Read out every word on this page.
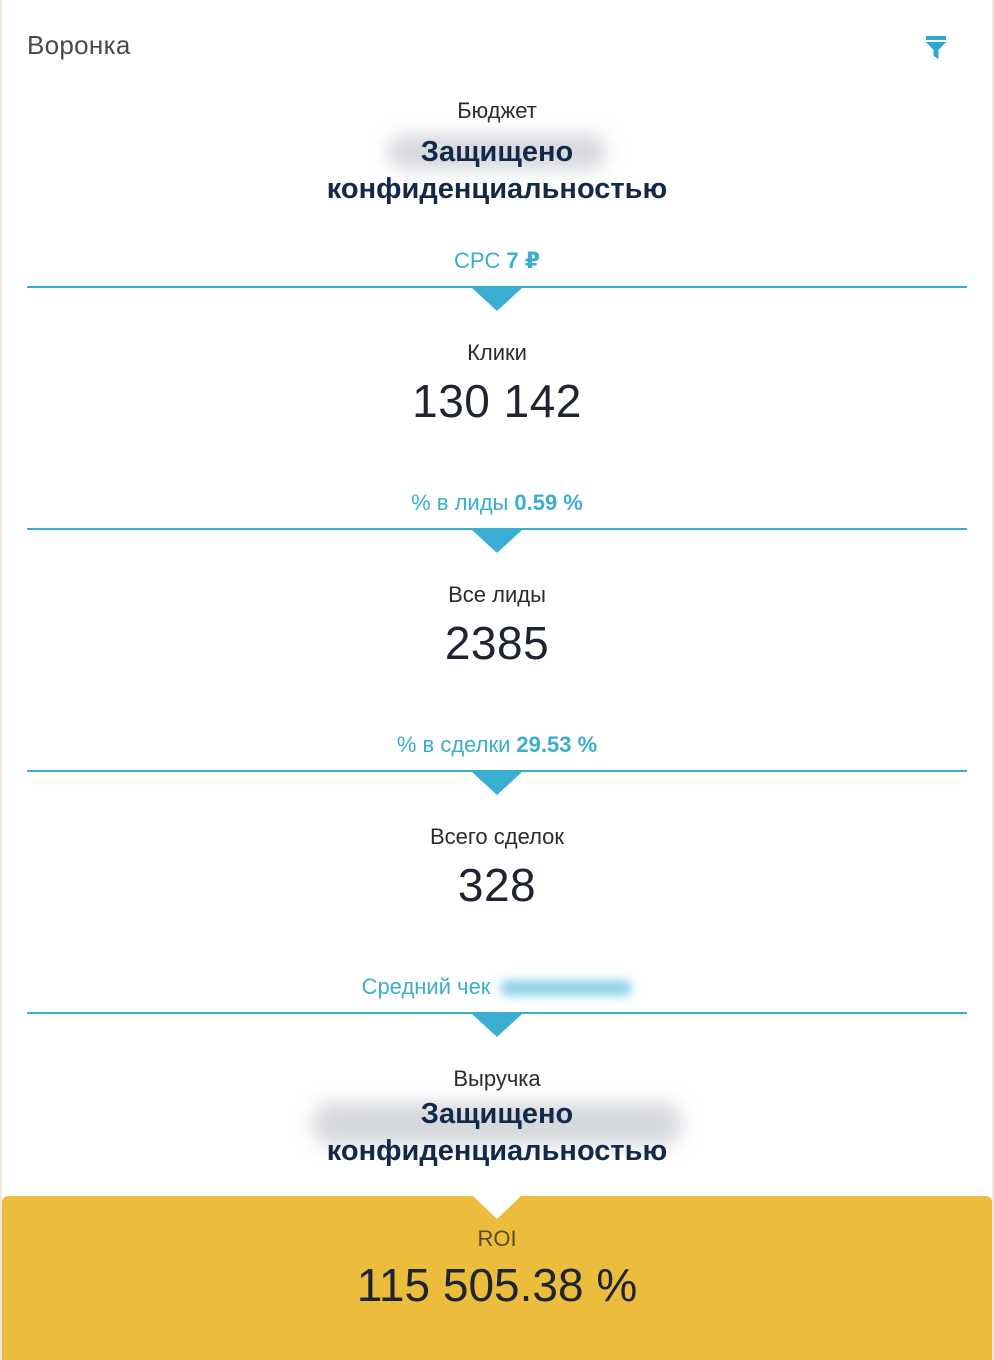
Воронка
Бюджет
Защищено
конфиденциальностью
CPC 7 ₽
Клики
130 142
% в лиды 0.59 %
Все лиды
2385
% в сделки 29.53 %
Всего сделок
328
Средний чек
Выручка
Защищено
конфиденциальностью
ROI
115 505.38 %
